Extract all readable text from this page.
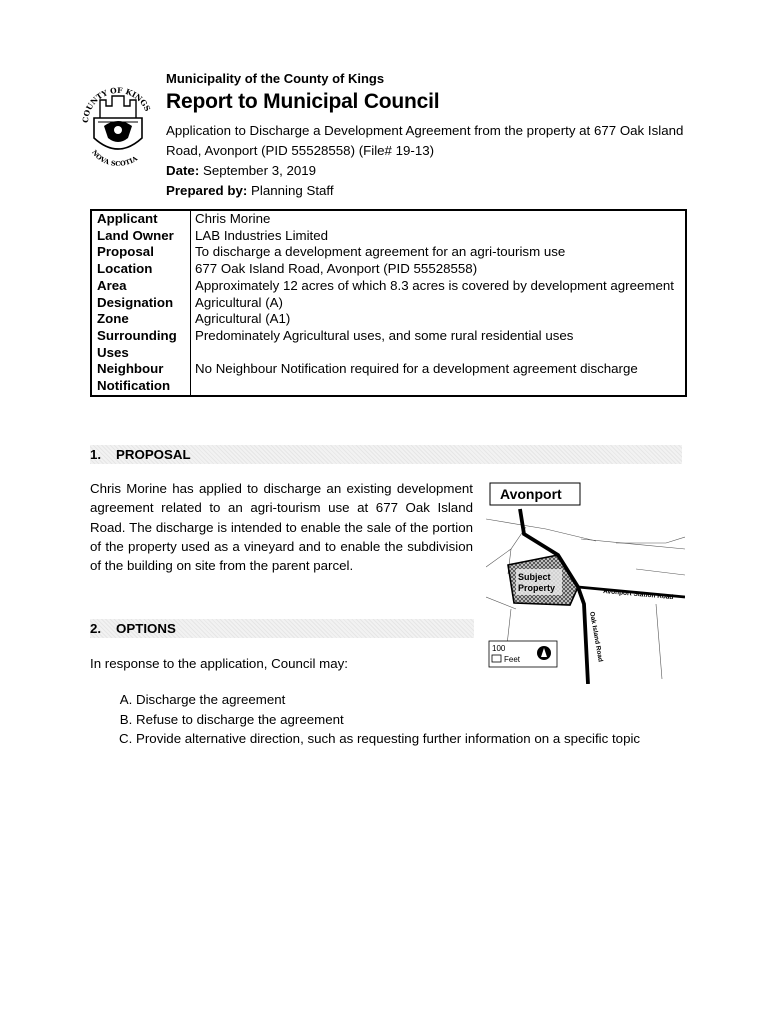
COUNTY OF KINGS
NOVA SCOTIA
Municipality of the County of Kings
Report to Municipal Council
Application to Discharge a Development Agreement from the property at 677 Oak Island Road, Avonport (PID 55528558) (File# 19-13)
Date: September 3, 2019
Prepared by: Planning Staff
Applicant	Chris Morine
Land Owner	LAB Industries Limited
Proposal	To discharge a development agreement for an agri-tourism use
Location	677 Oak Island Road, Avonport (PID 55528558)
Area	Approximately 12 acres of which 8.3 acres is covered by development agreement
Designation	Agricultural (A)
Zone	Agricultural (A1)
Surrounding Uses	Predominately Agricultural uses, and some rural residential uses
Neighbour Notification	No Neighbour Notification required for a development agreement discharge
1. PROPOSAL
Chris Morine has applied to discharge an existing development agreement related to an agri-tourism use at 677 Oak Island Road. The discharge is intended to enable the sale of the portion of the property used as a vineyard and to enable the subdivision of the building on site from the parent parcel.
Subject
Property
Avonport Station Road
Oak Island Road
Avonport
100
Feet
2. OPTIONS
In response to the application, Council may:
A. Discharge the agreement
B. Refuse to discharge the agreement
C. Provide alternative direction, such as requesting further information on a specific topic
